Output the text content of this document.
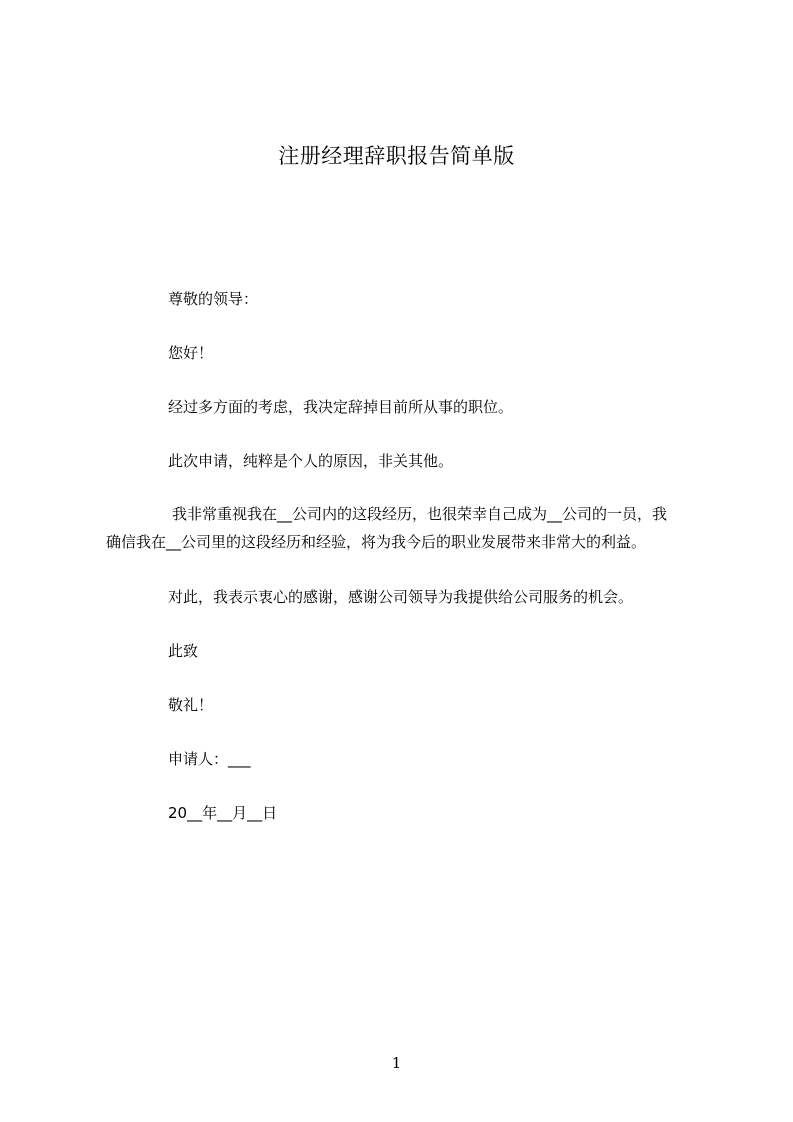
注册经理辞职报告简单版

尊敬的领导：

您好！

经过多方面的考虑，我决定辞掉目前所从事的职位。

此次申请，纯粹是个人的原因，非关其他。

我非常重视我在__公司内的这段经历，也很荣幸自己成为__公司的一员，我
确信我在__公司里的这段经历和经验，将为我今后的职业发展带来非常大的利益。

对此，我表示衷心的感谢，感谢公司领导为我提供给公司服务的机会。

此致

敬礼！

申请人：___

20__年__月__日

1
